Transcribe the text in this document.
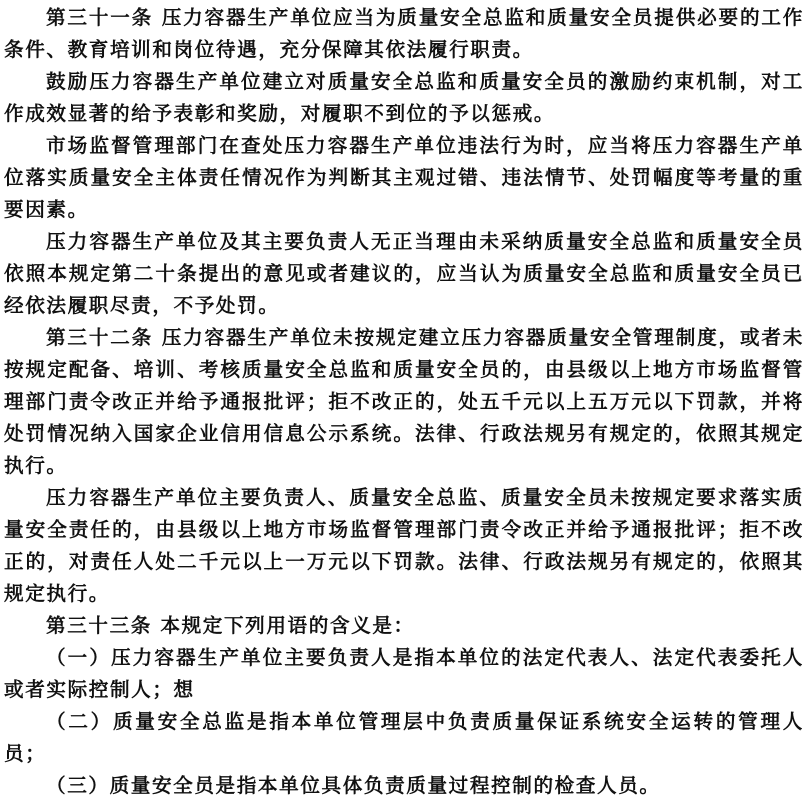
第三十一条 压力容器生产单位应当为质量安全总监和质量安全员提供必要的工作条件、教育培训和岗位待遇，充分保障其依法履行职责。

鼓励压力容器生产单位建立对质量安全总监和质量安全员的激励约束机制，对工作成效显著的给予表彰和奖励，对履职不到位的予以惩戒。

市场监督管理部门在查处压力容器生产单位违法行为时，应当将压力容器生产单位落实质量安全主体责任情况作为判断其主观过错、违法情节、处罚幅度等考量的重要因素。

压力容器生产单位及其主要负责人无正当理由未采纳质量安全总监和质量安全员依照本规定第二十条提出的意见或者建议的，应当认为质量安全总监和质量安全员已经依法履职尽责，不予处罚。

第三十二条 压力容器生产单位未按规定建立压力容器质量安全管理制度，或者未按规定配备、培训、考核质量安全总监和质量安全员的，由县级以上地方市场监督管理部门责令改正并给予通报批评；拒不改正的，处五千元以上五万元以下罚款，并将处罚情况纳入国家企业信用信息公示系统。法律、行政法规另有规定的，依照其规定执行。

压力容器生产单位主要负责人、质量安全总监、质量安全员未按规定要求落实质量安全责任的，由县级以上地方市场监督管理部门责令改正并给予通报批评；拒不改正的，对责任人处二千元以上一万元以下罚款。法律、行政法规另有规定的，依照其规定执行。

第三十三条 本规定下列用语的含义是：

（一）压力容器生产单位主要负责人是指本单位的法定代表人、法定代表委托人或者实际控制人；想

（二）质量安全总监是指本单位管理层中负责质量保证系统安全运转的管理人员；

（三）质量安全员是指本单位具体负责质量过程控制的检查人员。
